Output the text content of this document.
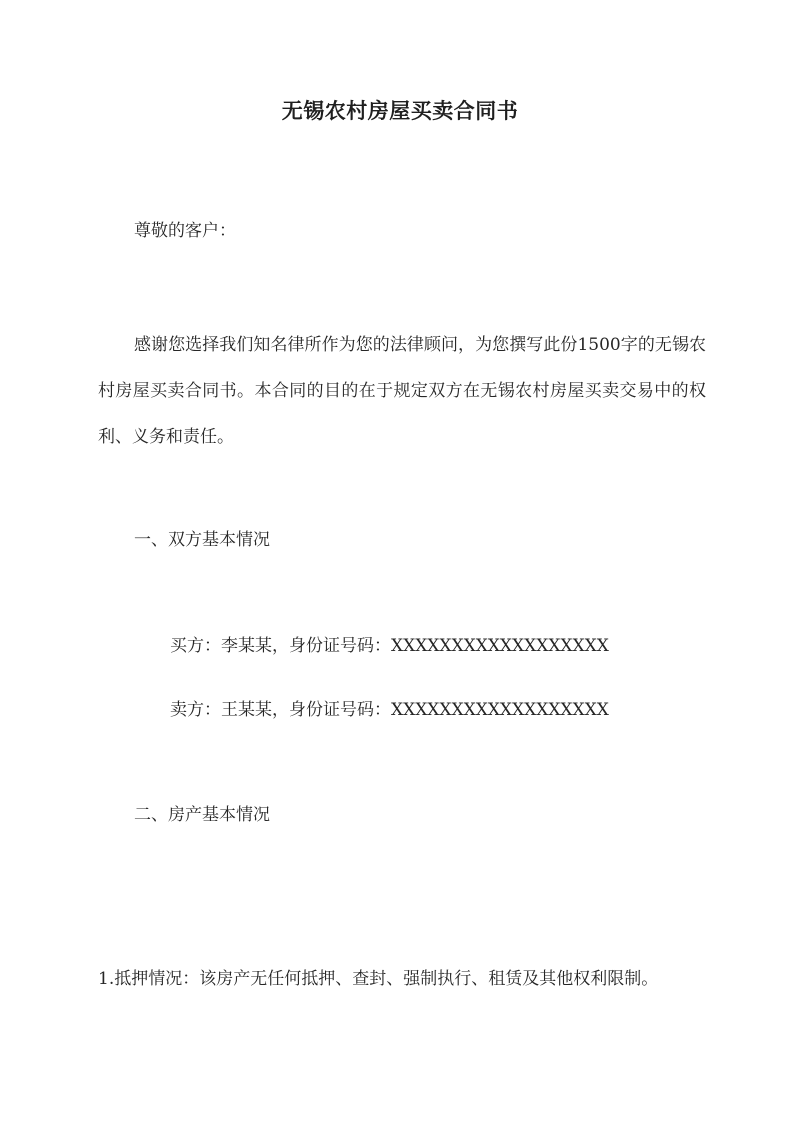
无锡农村房屋买卖合同书
尊敬的客户：
感谢您选择我们知名律所作为您的法律顾问，为您撰写此份1500字的无锡农村房屋买卖合同书。本合同的目的在于规定双方在无锡农村房屋买卖交易中的权利、义务和责任。
一、双方基本情况
买方：李某某，身份证号码：XXXXXXXXXXXXXXXXXX
卖方：王某某，身份证号码：XXXXXXXXXXXXXXXXXX
二、房产基本情况
1.抵押情况：该房产无任何抵押、查封、强制执行、租赁及其他权利限制。
